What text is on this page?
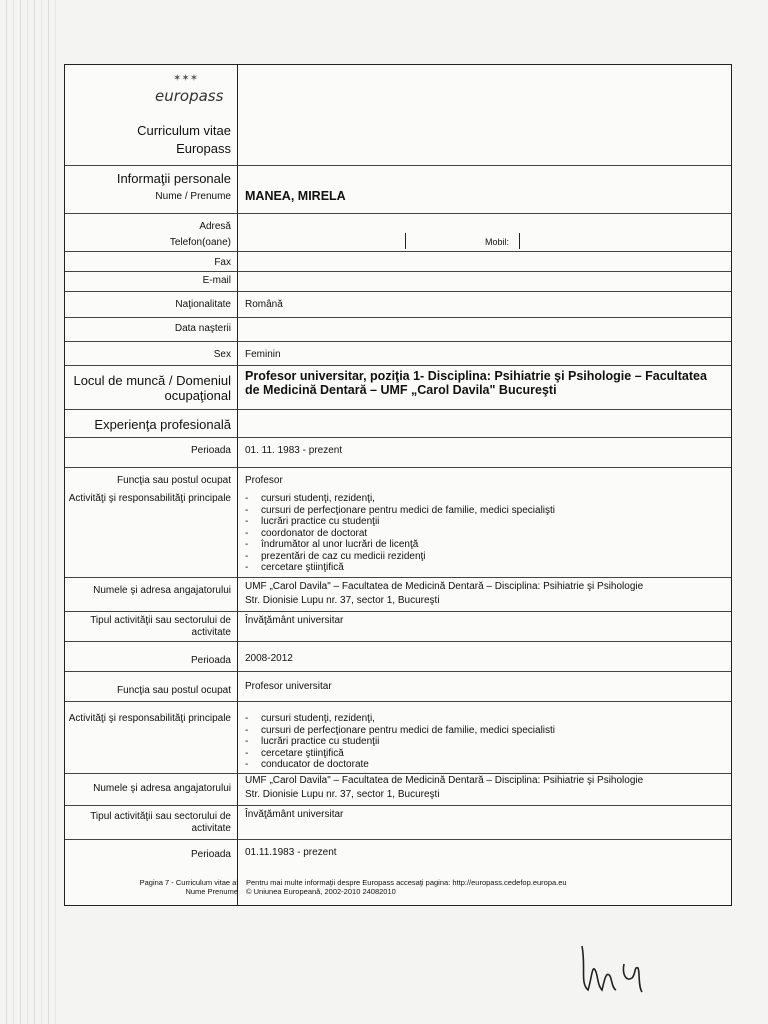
✶✶✶
europass
Curriculum vitae
Europass
Informaţii personale
Nume / Prenume MANEA, MIRELA
Adresă
Telefon(oane)	Mobil:
Fax
E-mail
Naţionalitate Română
Data naşterii
Sex Feminin
Locul de muncă / Domeniul ocupaţional
Profesor universitar, poziţia 1- Disciplina: Psihiatrie şi Psihologie – Facultatea de Medicină Dentară – UMF „Carol Davila" Bucureşti
Experienţa profesională
Perioada 01. 11. 1983 - prezent
Funcţia sau postul ocupat Profesor
Activităţi şi responsabilităţi principale - cursuri studenţi, rezidenţi,
- cursuri de perfecţionare pentru medici de familie, medici specialişti
- lucrări practice cu studenţii
- coordonator de doctorat
- îndrumător al unor lucrări de licenţă
- prezentări de caz cu medicii rezidenţi
- cercetare ştiinţifică
Numele şi adresa angajatorului UMF „Carol Davila" – Facultatea de Medicină Dentară – Disciplina: Psihiatrie şi Psihologie
Str. Dionisie Lupu nr. 37, sector 1, Bucureşti
Tipul activităţii sau sectorului de activitate
Învăţământ universitar
Perioada 2008-2012
Funcţia sau postul ocupat Profesor universitar
Activităţi şi responsabilităţi principale - cursuri studenţi, rezidenţi,
- cursuri de perfecţionare pentru medici de familie, medici specialisti
- lucrări practice cu studenţii
- cercetare ştiinţifică
- conducator de doctorate
Numele şi adresa angajatorului
UMF „Carol Davila" – Facultatea de Medicină Dentară – Disciplina: Psihiatrie şi Psihologie
Str. Dionisie Lupu nr. 37, sector 1, Bucureşti
Tipul activităţii sau sectorului de activitate
Învăţământ universitar
Perioada 01.11.1983 - prezent
Pagina 7 - Curriculum vitae al
Nume Prenume
Pentru mai multe informaţii despre Europass accesaţi pagina: http://europass.cedefop.europa.eu
© Uniunea Europeană, 2002-2010 24082010
